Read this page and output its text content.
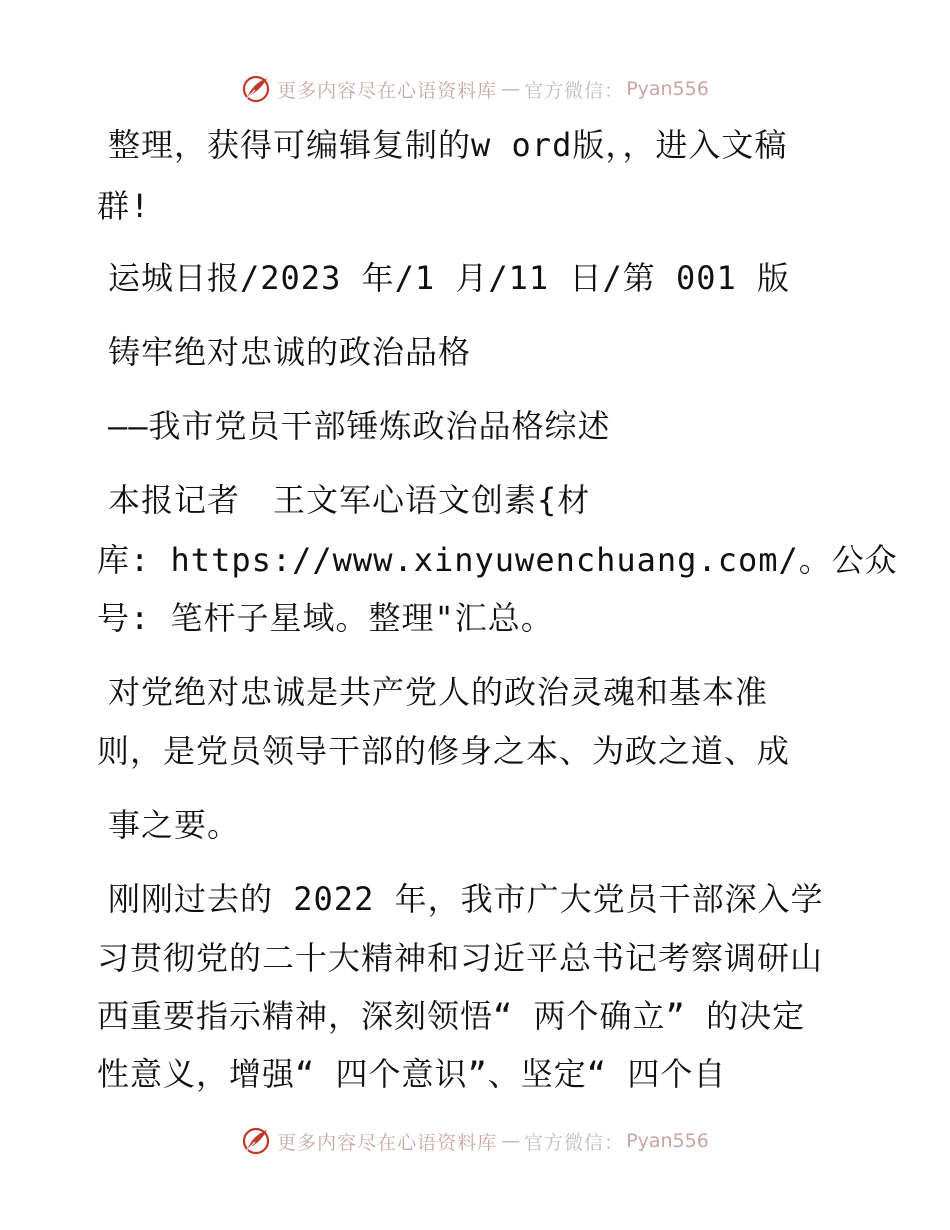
更多内容尽在心语资料库 — 官方微信： Pyan556
整理，获得可编辑复制的w ord版，，进入文稿
群!
运城日报/2023 年/1 月/11 日/第 001 版
铸牢绝对忠诚的政治品格
——我市党员干部锤炼政治品格综述
本报记者　王文军心语文创素{材
库: https://www.xinyuwenchuang.com/。公众
号: 笔杆子星域。整理"汇总。
对党绝对忠诚是共产党人的政治灵魂和基本准
则，是党员领导干部的修身之本、为政之道、成
事之要。
刚刚过去的 2022 年，我市广大党员干部深入学
习贯彻党的二十大精神和习近平总书记考察调研山
西重要指示精神，深刻领悟“ 两个确立” 的决定
性意义，增强“ 四个意识”、坚定“ 四个自
更多内容尽在心语资料库 — 官方微信： Pyan556
